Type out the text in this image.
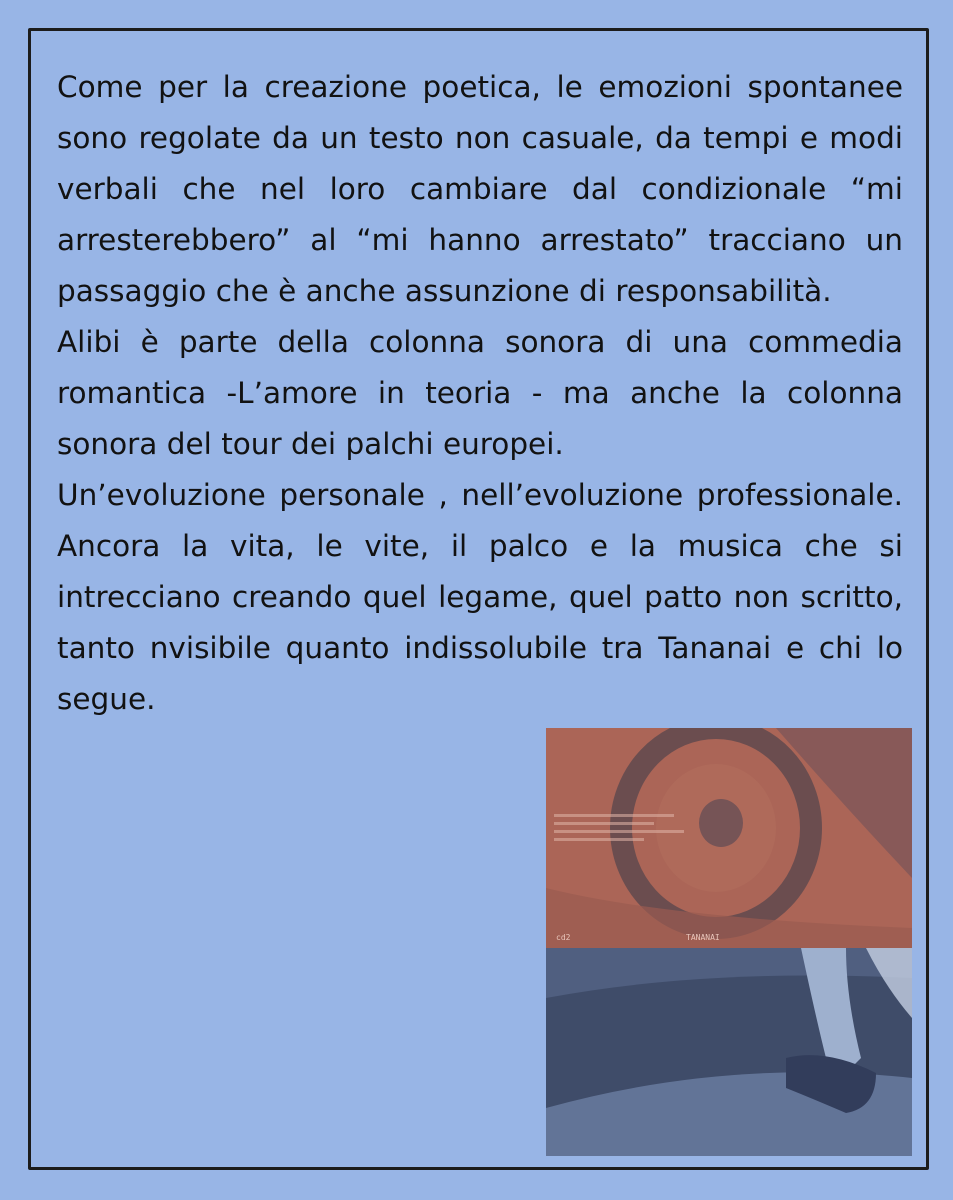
cd2	TANANAI

Come per la creazione poetica, le emozioni spontanee sono regolate da un testo non casuale, da tempi e modi verbali che nel loro cambiare dal condizionale “mi arresterebbero” al “mi hanno arrestato” tracciano un passaggio che è anche assunzione di responsabilità.

Alibi è parte della colonna sonora di una commedia romantica -L’amore in teoria - ma anche la colonna sonora del tour dei palchi europei.

Un’evoluzione personale , nell’evoluzione professionale. Ancora la vita, le vite, il palco e la musica che si intrecciano creando quel legame, quel patto non scritto, tanto nvisibile quanto indissolubile tra Tananai e chi lo segue.
